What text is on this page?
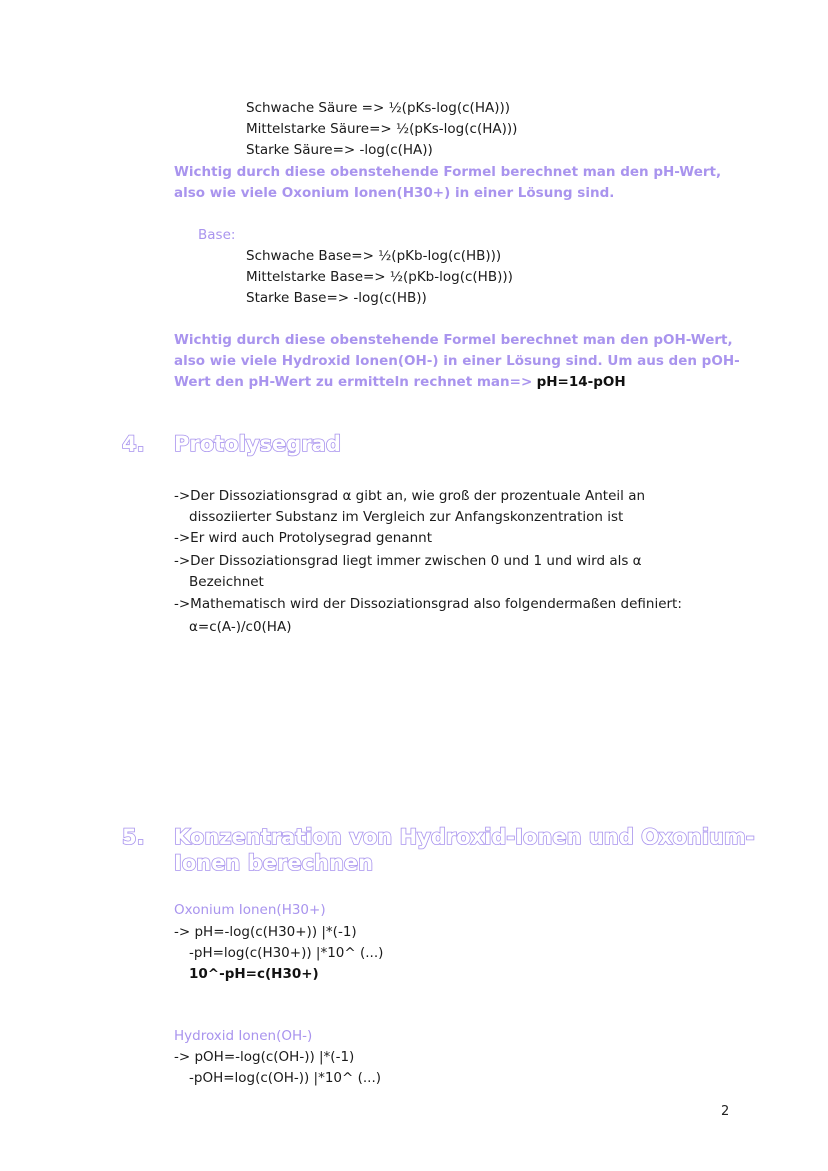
Schwache Säure => ½(pKs-log(c(HA)))
Mittelstarke Säure=> ½(pKs-log(c(HA)))
Starke Säure=> -log(c(HA))
Wichtig durch diese obenstehende Formel berechnet man den pH-Wert,
also wie viele Oxonium Ionen(H30+) in einer Lösung sind.
Base:
Schwache Base=> ½(pKb-log(c(HB)))
Mittelstarke Base=> ½(pKb-log(c(HB)))
Starke Base=> -log(c(HB))
Wichtig durch diese obenstehende Formel berechnet man den pOH-Wert,
also wie viele Hydroxid Ionen(OH-) in einer Lösung sind. Um aus den pOH-
Wert den pH-Wert zu ermitteln rechnet man=> pH=14-pOH
4. Protolysegrad
->Der Dissoziationsgrad α gibt an, wie groß der prozentuale Anteil an
dissoziierter Substanz im Vergleich zur Anfangskonzentration ist
->Er wird auch Protolysegrad genannt
->Der Dissoziationsgrad liegt immer zwischen 0 und 1 und wird als α
Bezeichnet
->Mathematisch wird der Dissoziationsgrad also folgendermaßen definiert:
α=c(A-)/c0(HA)
5. Konzentration von Hydroxid-Ionen und Oxonium-
Ionen berechnen
Oxonium Ionen(H30+)
-> pH=-log(c(H30+)) |*(-1)
-pH=log(c(H30+)) |*10^ (...)
10^-pH=c(H30+)
Hydroxid Ionen(OH-)
-> pOH=-log(c(OH-)) |*(-1)
-pOH=log(c(OH-)) |*10^ (...)
2
